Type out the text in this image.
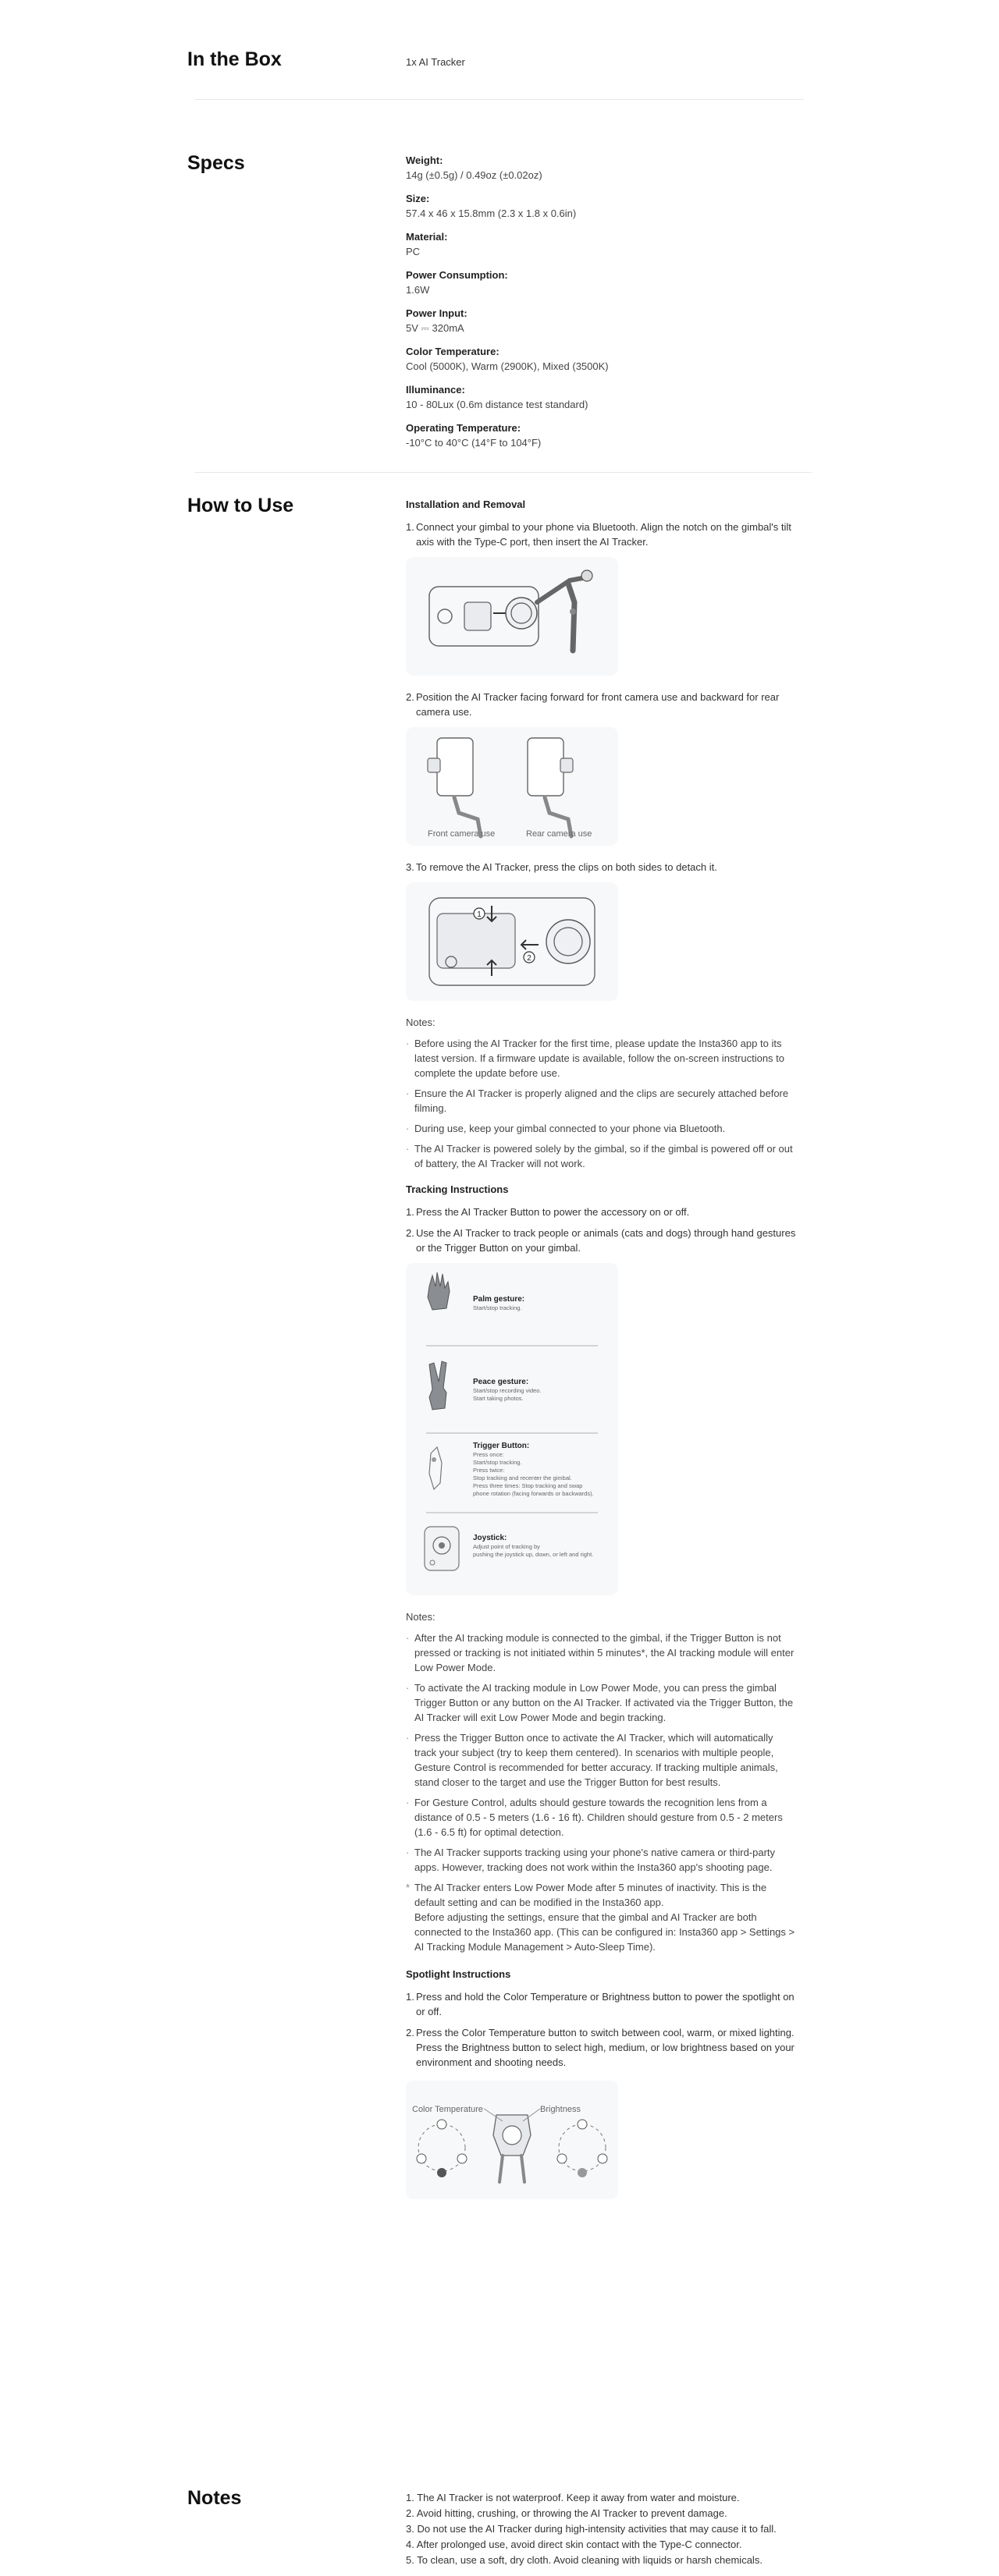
In the Box	1x AI Tracker
Specs	Weight:
14g (±0.5g) / 0.49oz (±0.02oz)
Size:
57.4 x 46 x 15.8mm (2.3 x 1.8 x 0.6in)
Material:
PC
Power Consumption:
1.6W
Power Input:
5V ⎓ 320mA
Color Temperature:
Cool (5000K), Warm (2900K), Mixed (3500K)
Illuminance:
10 - 80Lux (0.6m distance test standard)
Operating Temperature:
-10°C to 40°C (14°F to 104°F)
How to Use	Installation and Removal
1. Connect your gimbal to your phone via Bluetooth. Align the notch on the gimbal's tilt axis with the Type-C port, then insert the AI Tracker.
2. Position the AI Tracker facing forward for front camera use and backward for rear camera use.
Front camera use	Rear camera use
3. To remove the AI Tracker, press the clips on both sides to detach it.
1
2
Notes:
· Before using the AI Tracker for the first time, please update the Insta360 app to its latest version. If a firmware update is available, follow the on-screen instructions to complete the update before use.
· Ensure the AI Tracker is properly aligned and the clips are securely attached before filming.
· During use, keep your gimbal connected to your phone via Bluetooth.
· The AI Tracker is powered solely by the gimbal, so if the gimbal is powered off or out of battery, the AI Tracker will not work.
Tracking Instructions
1. Press the AI Tracker Button to power the accessory on or off.
2. Use the AI Tracker to track people or animals (cats and dogs) through hand gestures or the Trigger Button on your gimbal.
Palm gesture:
Start/stop tracking.
Peace gesture:
Start/stop recording video.
Start taking photos.
Trigger Button:
Press once:
Start/stop tracking.
Press twice:
Stop tracking and recenter the gimbal.
Press three times: Stop tracking and swap
phone rotation (facing forwards or backwards).
Joystick:
Adjust point of tracking by
pushing the joystick up, down, or left and right.
Notes:
· After the AI tracking module is connected to the gimbal, if the Trigger Button is not pressed or tracking is not initiated within 5 minutes*, the AI tracking module will enter Low Power Mode.
· To activate the AI tracking module in Low Power Mode, you can press the gimbal Trigger Button or any button on the AI Tracker. If activated via the Trigger Button, the AI Tracker will exit Low Power Mode and begin tracking.
· Press the Trigger Button once to activate the AI Tracker, which will automatically track your subject (try to keep them centered). In scenarios with multiple people, Gesture Control is recommended for better accuracy. If tracking multiple animals, stand closer to the target and use the Trigger Button for best results.
· For Gesture Control, adults should gesture towards the recognition lens from a distance of 0.5 - 5 meters (1.6 - 16 ft). Children should gesture from 0.5 - 2 meters (1.6 - 6.5 ft) for optimal detection.
· The AI Tracker supports tracking using your phone's native camera or third-party apps. However, tracking does not work within the Insta360 app's shooting page.
* The AI Tracker enters Low Power Mode after 5 minutes of inactivity. This is the default setting and can be modified in the Insta360 app.
Before adjusting the settings, ensure that the gimbal and AI Tracker are both connected to the Insta360 app. (This can be configured in: Insta360 app > Settings > AI Tracking Module Management > Auto-Sleep Time).
Spotlight Instructions
1. Press and hold the Color Temperature or Brightness button to power the spotlight on or off.
2. Press the Color Temperature button to switch between cool, warm, or mixed lighting. Press the Brightness button to select high, medium, or low brightness based on your environment and shooting needs.
Color Temperature	Brightness
Notes	1. The AI Tracker is not waterproof. Keep it away from water and moisture.
2. Avoid hitting, crushing, or throwing the AI Tracker to prevent damage.
3. Do not use the AI Tracker during high-intensity activities that may cause it to fall.
4. After prolonged use, avoid direct skin contact with the Type-C connector.
5. To clean, use a soft, dry cloth. Avoid cleaning with liquids or harsh chemicals.
